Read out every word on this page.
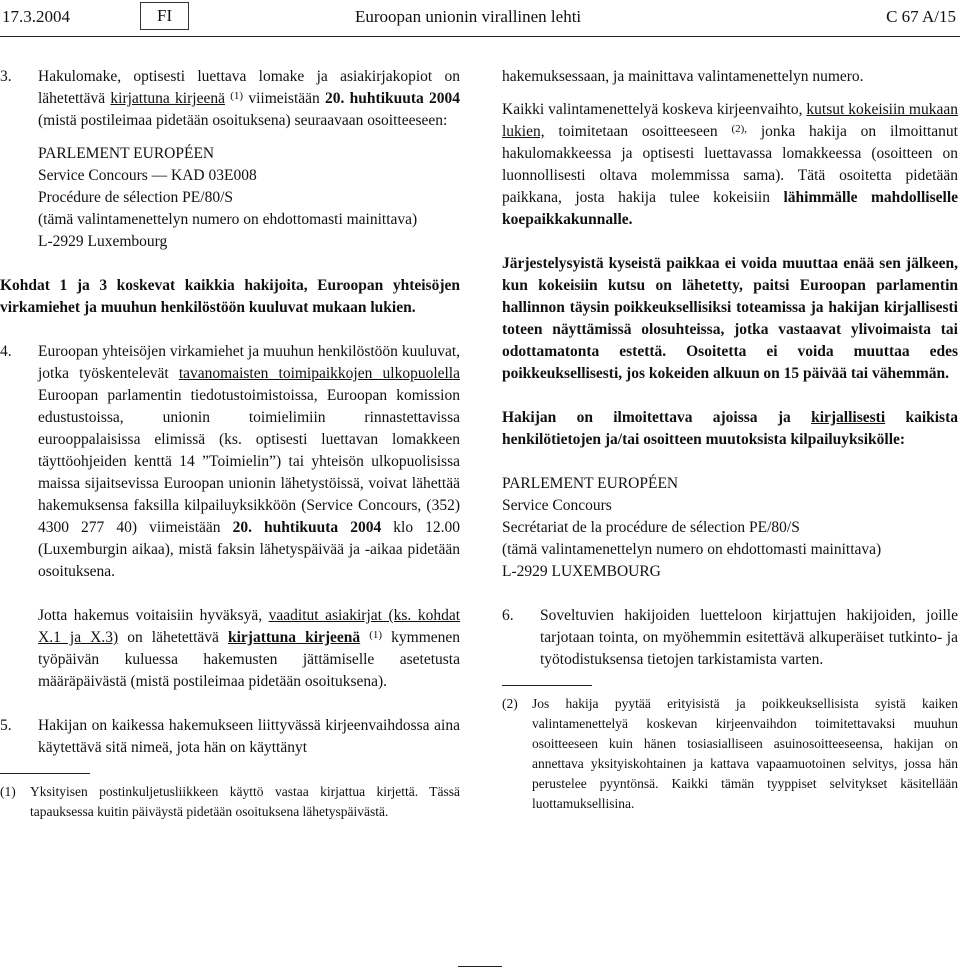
17.3.2004	FI	Euroopan unionin virallinen lehti	C 67 A/15
3.	Hakulomake, optisesti luettava lomake ja asiakirjakopiot on lähetettävä kirjattuna kirjeenä $^{(1)}$ viimeistään 20. huhtikuuta 2004 (mistä postileimaa pidetään osoituksena) seuraavaan osoitteeseen:
PARLEMENT EUROPÉEN
Service Concours — KAD 03E008
Procédure de sélection PE/80/S
(tämä valintamenettelyn numero on ehdottomasti mainittava)
L-2929 Luxembourg

Kohdat 1 ja 3 koskevat kaikkia hakijoita, Euroopan yhteisöjen virkamiehet ja muuhun henkilöstöön kuuluvat mukaan lukien.

4.	Euroopan yhteisöjen virkamiehet ja muuhun henkilöstöön kuuluvat, jotka työskentelevät tavanomaisten toimipaikkojen ulkopuolella Euroopan parlamentin tiedotustoimistoissa, Euroopan komission edustustoissa, unionin toimielimiin rinnastettavissa eurooppalaisissa elimissä (ks. optisesti luettavan lomakkeen täyttöohjeiden kenttä 14 ”Toimielin”) tai yhteisön ulkopuolisissa maissa sijaitsevissa Euroopan unionin lähetystöissä, voivat lähettää hakemuksensa faksilla kilpailuyksikköön (Service Concours, (352) 4300 277 40) viimeistään 20. huhtikuuta 2004 klo 12.00 (Luxemburgin aikaa), mistä faksin lähetyspäivää ja -aikaa pidetään osoituksena.

Jotta hakemus voitaisiin hyväksyä, vaaditut asiakirjat (ks. kohdat X.1 ja X.3) on lähetettävä kirjattuna kirjeenä $^{(1)}$ kymmenen työpäivän kuluessa hakemusten jättämiselle asetetusta määräpäivästä (mistä postileimaa pidetään osoituksena).

5.	Hakijan on kaikessa hakemukseen liittyvässä kirjeenvaihdossa aina käytettävä sitä nimeä, jota hän on käyttänyt
(1)	Yksityisen postinkuljetusliikkeen käyttö vastaa kirjattua kirjettä. Tässä tapauksessa kuitin päiväystä pidetään osoituksena lähetyspäivästä.

hakemuksessaan, ja mainittava valintamenettelyn numero.

Kaikki valintamenettelyä koskeva kirjeenvaihto, kutsut kokeisiin mukaan lukien, toimitetaan osoitteeseen $^{(2),}$ jonka hakija on ilmoittanut hakulomakkeessa ja optisesti luettavassa lomakkeessa (osoitteen on luonnollisesti oltava molemmissa sama). Tätä osoitetta pidetään paikkana, josta hakija tulee kokeisiin lähimmälle mahdolliselle koepaikkakunnalle.

Järjestelysyistä kyseistä paikkaa ei voida muuttaa enää sen jälkeen, kun kokeisiin kutsu on lähetetty, paitsi Euroopan parlamentin hallinnon täysin poikkeuksellisiksi toteamissa ja hakijan kirjallisesti toteen näyttämissä olosuhteissa, jotka vastaavat ylivoimaista tai odottamatonta estettä. Osoitetta ei voida muuttaa edes poikkeuksellisesti, jos kokeiden alkuun on 15 päivää tai vähemmän.

Hakijan on ilmoitettava ajoissa ja kirjallisesti kaikista henkilötietojen ja/tai osoitteen muutoksista kilpailuyksikölle:

PARLEMENT EUROPÉEN
Service Concours
Secrétariat de la procédure de sélection PE/80/S
(tämä valintamenettelyn numero on ehdottomasti mainittava)
L-2929 LUXEMBOURG
6.	Soveltuvien hakijoiden luetteloon kirjattujen hakijoiden, joille tarjotaan tointa, on myöhemmin esitettävä alkuperäiset tutkinto- ja työtodistuksensa tietojen tarkistamista varten.
(2)	Jos hakija pyytää erityisistä ja poikkeuksellisista syistä kaiken valintamenettelyä koskevan kirjeenvaihdon toimitettavaksi muuhun osoitteeseen kuin hänen tosiasialliseen asuinosoitteeseensa, hakijan on annettava yksityiskohtainen ja kattava vapaamuotoinen selvitys, jossa hän perustelee pyyntönsä. Kaikki tämän tyyppiset selvitykset käsitellään luottamuksellisina.
